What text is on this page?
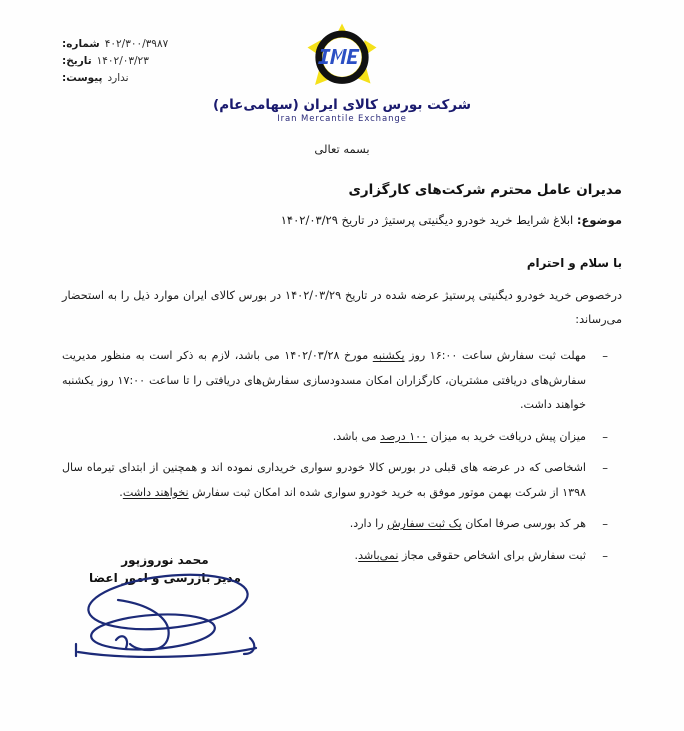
شماره: ۴۰۲/۳۰۰/۳۹۸۷
تاریخ: ۱۴۰۲/۰۳/۲۳
پیوست: ندارد
شرکت بورس کالای ایران (سهامی‌عام)
Iran Mercantile Exchange
بسمه تعالی
مدیران عامل محترم شرکت‌های کارگزاری

موضوع: ابلاغ شرایط خرید خودرو دیگنیتی پرستیژ در تاریخ ۱۴۰۲/۰۳/۲۹

با سلام و احترام

درخصوص خرید خودرو دیگنیتی پرستیژ عرضه شده در تاریخ ۱۴۰۲/۰۳/۲۹ در بورس کالای ایران موارد ذیل را به استحضار می‌رساند:

– مهلت ثبت سفارش ساعت ۱۶:۰۰ روز یکشنبه مورخ ۱۴۰۲/۰۳/۲۸ می باشد، لازم به ذکر است به منظور مدیریت سفارش‌های دریافتی مشتریان، کارگزاران امکان مسدودسازی سفارش‌های دریافتی را تا ساعت ۱۷:۰۰ روز یکشنبه خواهند داشت.
– میزان پیش دریافت خرید به میزان ۱۰۰ درصد می باشد.
– اشخاصی که در عرضه های قبلی در بورس کالا خودرو سواری خریداری نموده اند و همچنین از ابتدای تیرماه سال ۱۳۹۸ از شرکت بهمن موتور موفق به خرید خودرو سواری شده اند امکان ثبت سفارش نخواهند داشت.
– هر کد بورسی صرفا امکان یک ثبت سفارش را دارد.
– ثبت سفارش برای اشخاص حقوقی مجاز نمی‌باشد.
محمد نوروزپور
مدیر بازرسی و امور اعضا
